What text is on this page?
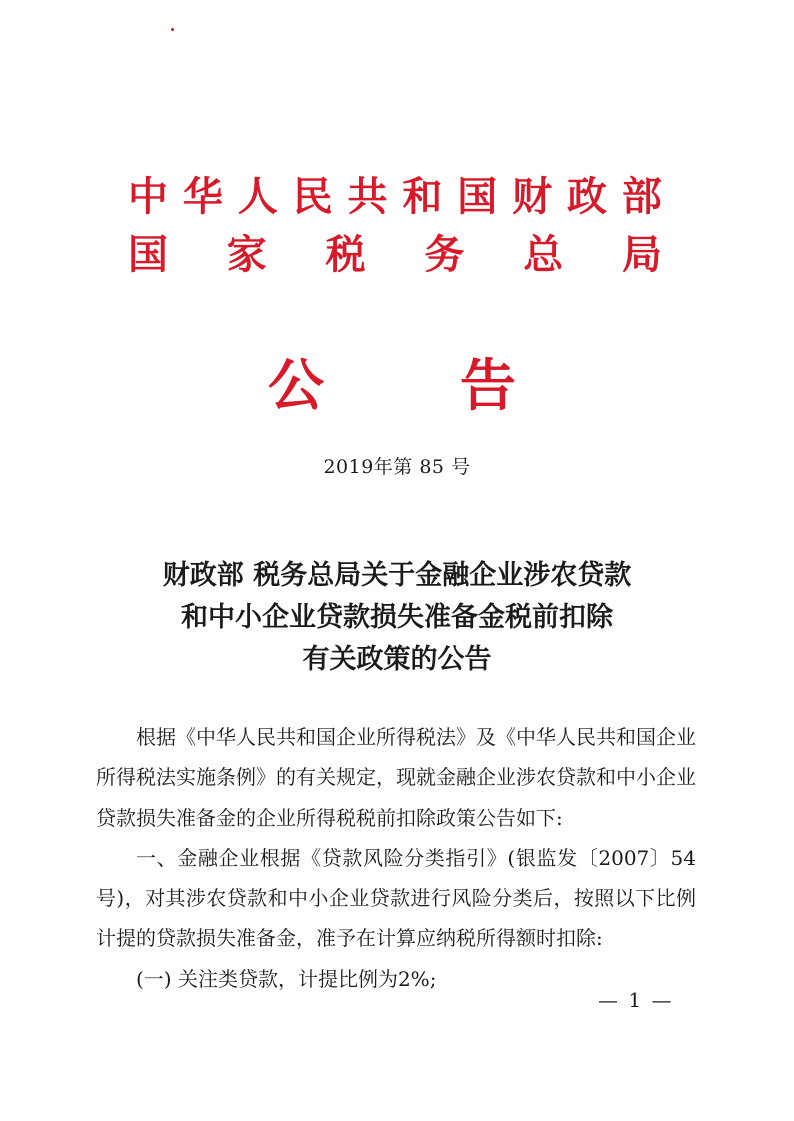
中 华 人 民 共 和 国 财 政 部
国 家 税 务 总 局
公 告
2019年第 85 号
财政部 税务总局关于金融企业涉农贷款
和中小企业贷款损失准备金税前扣除
有关政策的公告

根据《中华人民共和国企业所得税法》及《中华人民共和国企业所得税法实施条例》的有关规定，现就金融企业涉农贷款和中小企业贷款损失准备金的企业所得税税前扣除政策公告如下:

一、金融企业根据《贷款风险分类指引》(银监发〔2007〕54号)，对其涉农贷款和中小企业贷款进行风险分类后，按照以下比例计提的贷款损失准备金，准予在计算应纳税所得额时扣除:

(一) 关注类贷款，计提比例为2%;

— 1 —
